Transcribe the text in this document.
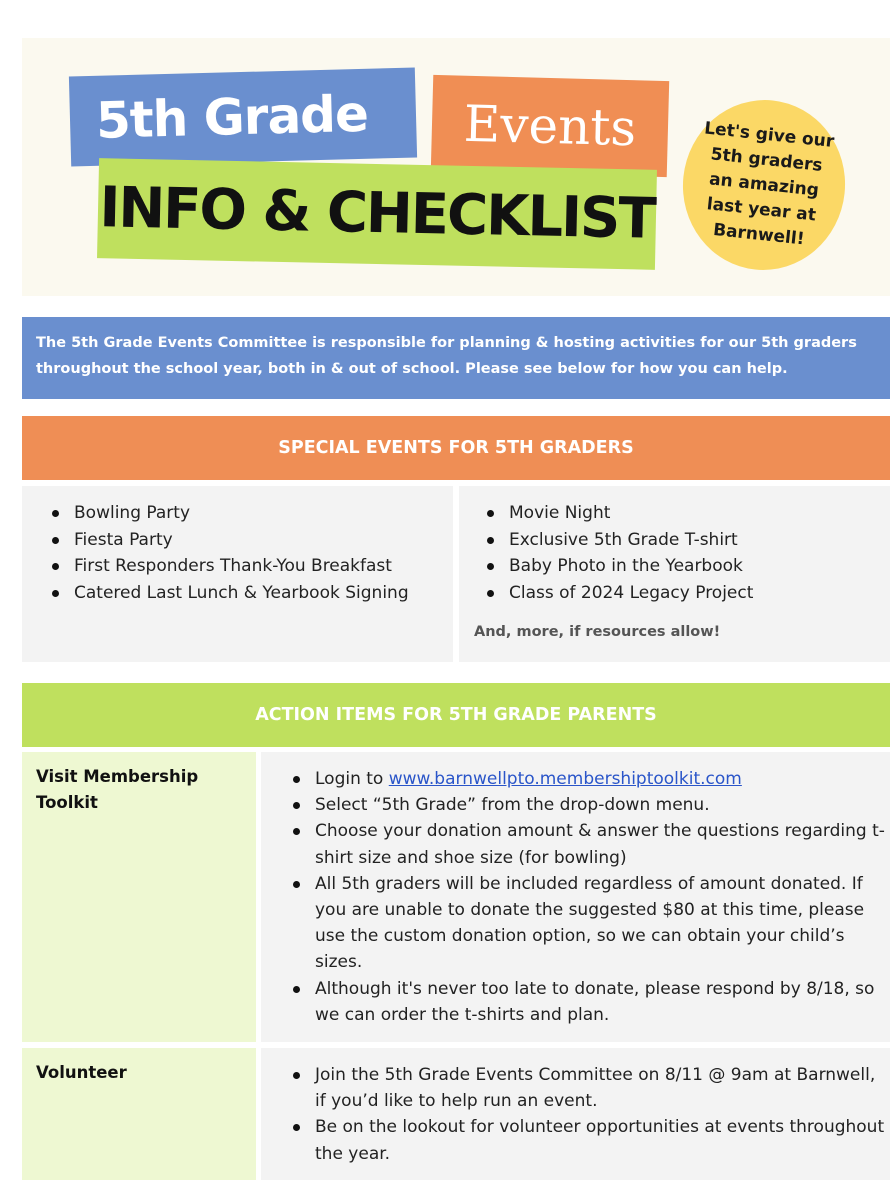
5th Grade	Events
INFO & CHECKLIST
Let's give our
5th graders
an amazing
last year at
Barnwell!
The 5th Grade Events Committee is responsible for planning & hosting activities for our 5th graders throughout the school year, both in & out of school. Please see below for how you can help.
SPECIAL EVENTS FOR 5TH GRADERS
Bowling Party
Fiesta Party
First Responders Thank-You Breakfast
Catered Last Lunch & Yearbook Signing
Movie Night
Exclusive 5th Grade T-shirt
Baby Photo in the Yearbook
Class of 2024 Legacy Project
And, more, if resources allow!
ACTION ITEMS FOR 5TH GRADE PARENTS
Visit Membership
Toolkit
Login to www.barnwellpto.membershiptoolkit.com
Select “5th Grade” from the drop-down menu.
Choose your donation amount & answer the questions regarding t-shirt size and shoe size (for bowling)
All 5th graders will be included regardless of amount donated. If you are unable to donate the suggested $80 at this time, please use the custom donation option, so we can obtain your child’s sizes.
Although it's never too late to donate, please respond by 8/18, so we can order the t-shirts and plan.
Volunteer	Join the 5th Grade Events Committee on 8/11 @ 9am at Barnwell, if you’d like to help run an event.
Be on the lookout for volunteer opportunities at events throughout the year.
